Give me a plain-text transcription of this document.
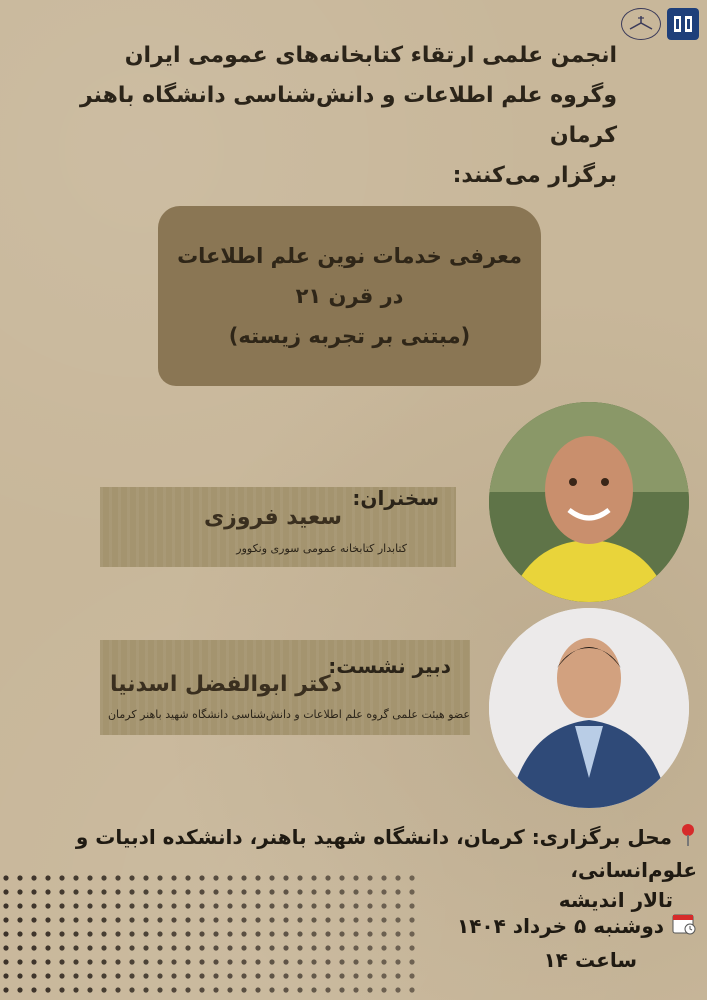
انجمن علمی ارتقاء کتابخانه‌های عمومی ایران
وگروه علم اطلاعات و دانش‌شناسی دانشگاه باهنر کرمان
برگزار می‌کنند:
معرفی خدمات نوین علم اطلاعات
در قرن ۲۱
(مبتنی بر تجربه زیسته)
سخنران:
سعید فروزی
کتابدار کتابخانه عمومی سوری ونکوور
دبیر نشست:
دکتر ابوالفضل اسدنیا
عضو هیئت علمی گروه علم اطلاعات و دانش‌شناسی دانشگاه شهید باهنر کرمان
محل برگزاری: کرمان، دانشگاه شهید باهنر، دانشکده ادبیات و علوم‌انسانی،
تالار اندیشه
دوشنبه ۵ خرداد ۱۴۰۴
ساعت ۱۴
